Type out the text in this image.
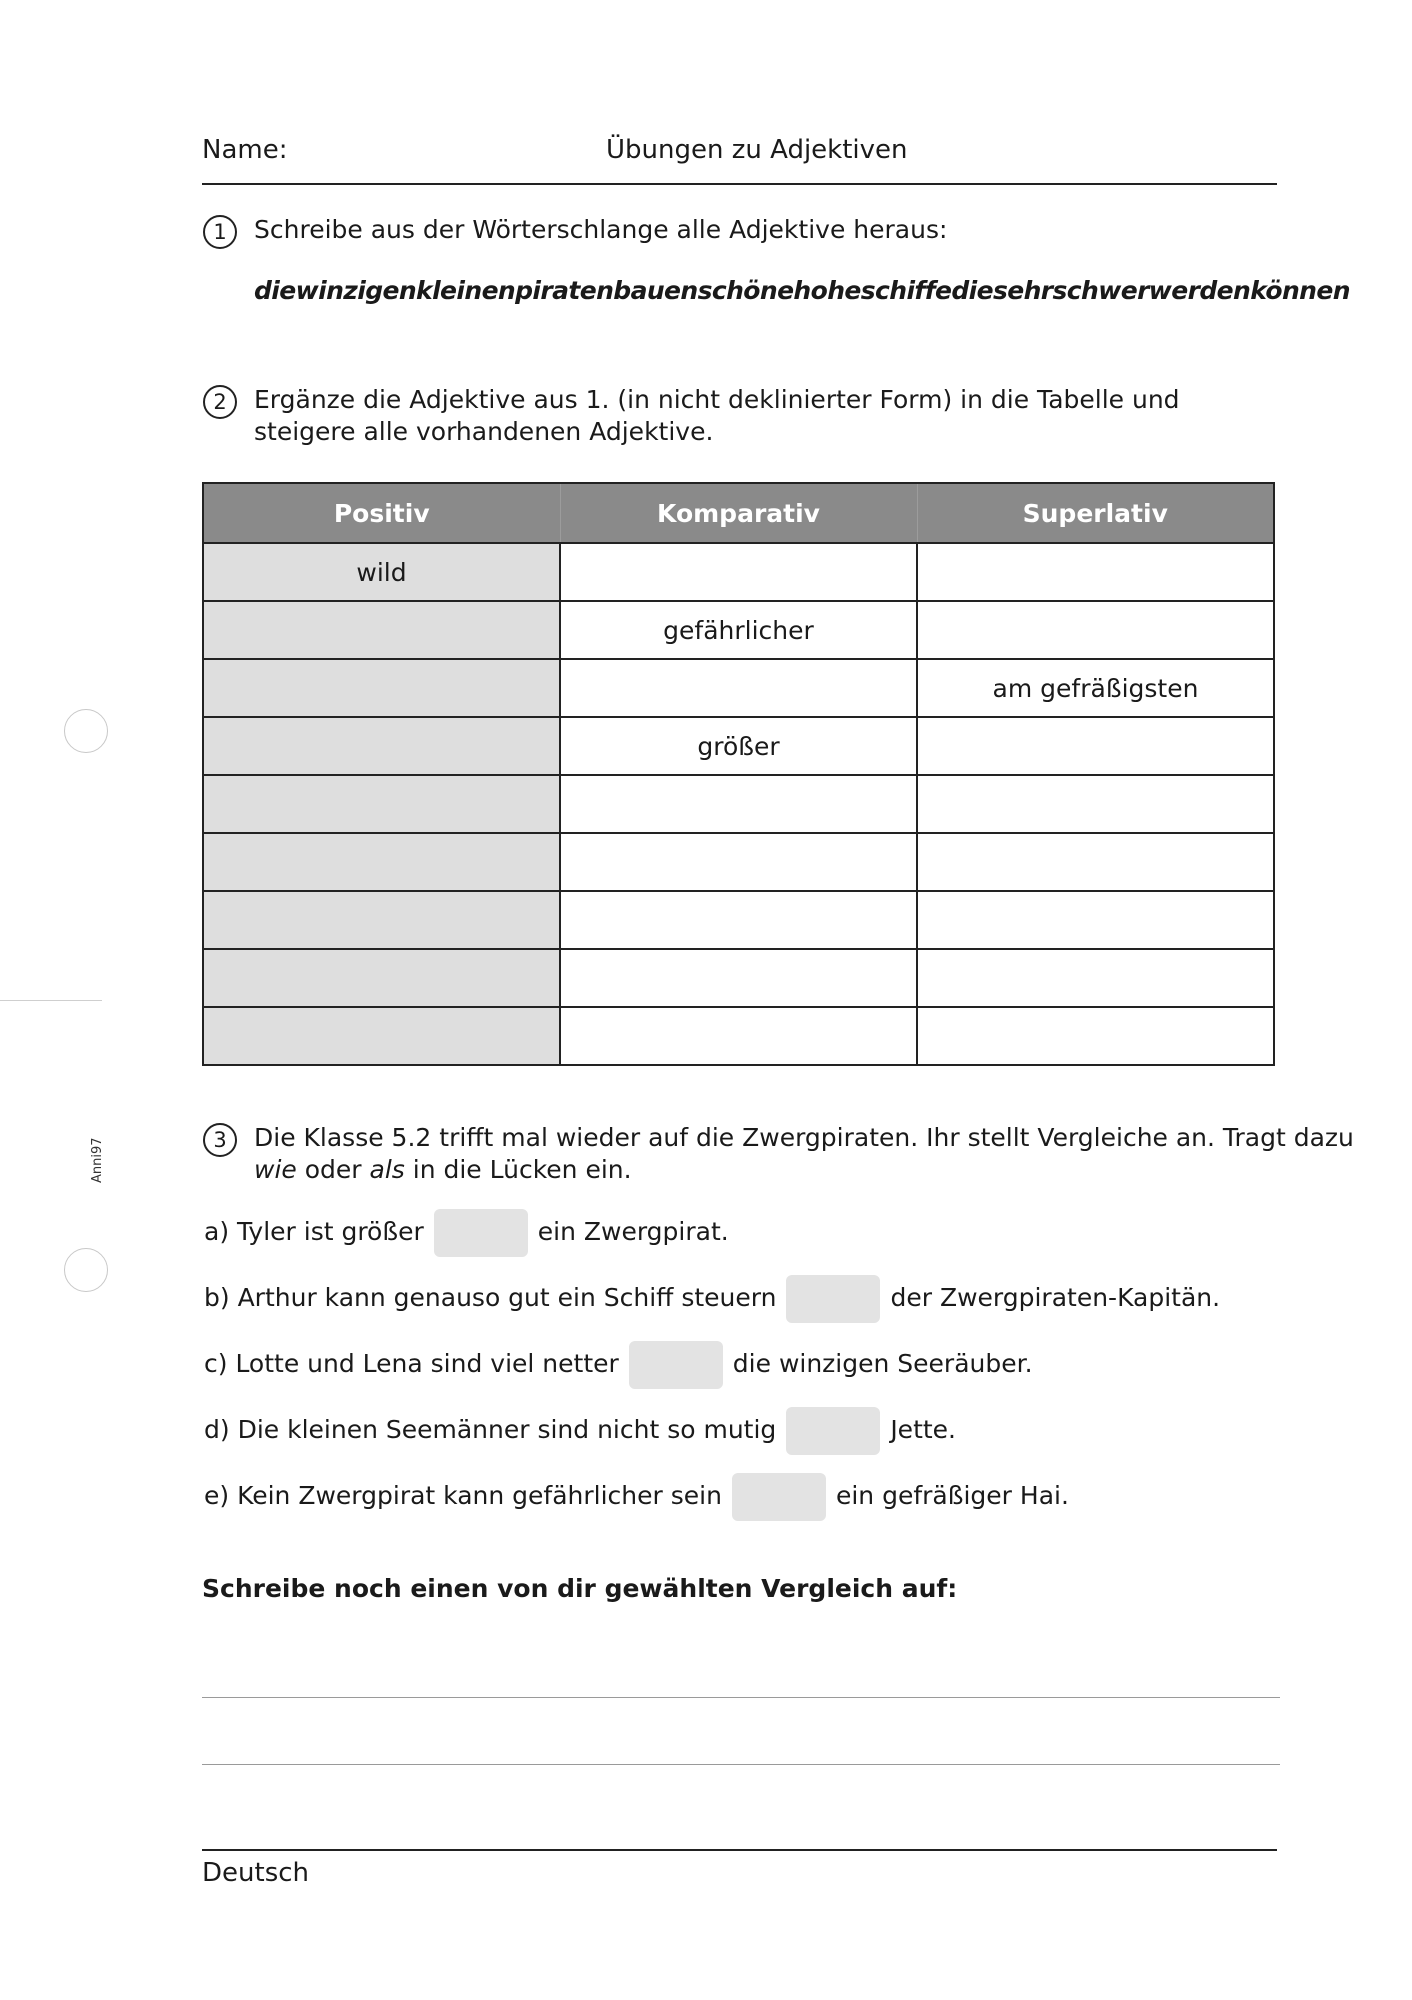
Anni97
Name:	Übungen zu Adjektiven
1	Schreibe aus der Wörterschlange alle Adjektive heraus:
diewinzigenkleinenpiratenbauenschönehoheschiffediesehrschwerwerdenkönnen
2	Ergänze die Adjektive aus 1. (in nicht deklinierter Form) in die Tabelle und
steigere alle vorhandenen Adjektive.
Positiv	Komparativ	Superlativ
wild		
	gefährlicher	
		am gefräßigsten
	größer	

3	Die Klasse 5.2 trifft mal wieder auf die Zwergpiraten. Ihr stellt Vergleiche an. Tragt dazu
wie oder als in die Lücken ein.
a) Tyler ist größer	ein Zwergpirat.
b) Arthur kann genauso gut ein Schiff steuern	der Zwergpiraten-Kapitän.
c) Lotte und Lena sind viel netter	die winzigen Seeräuber.
d) Die kleinen Seemänner sind nicht so mutig	Jette.
e) Kein Zwergpirat kann gefährlicher sein	ein gefräßiger Hai.
Schreibe noch einen von dir gewählten Vergleich auf:
Deutsch
